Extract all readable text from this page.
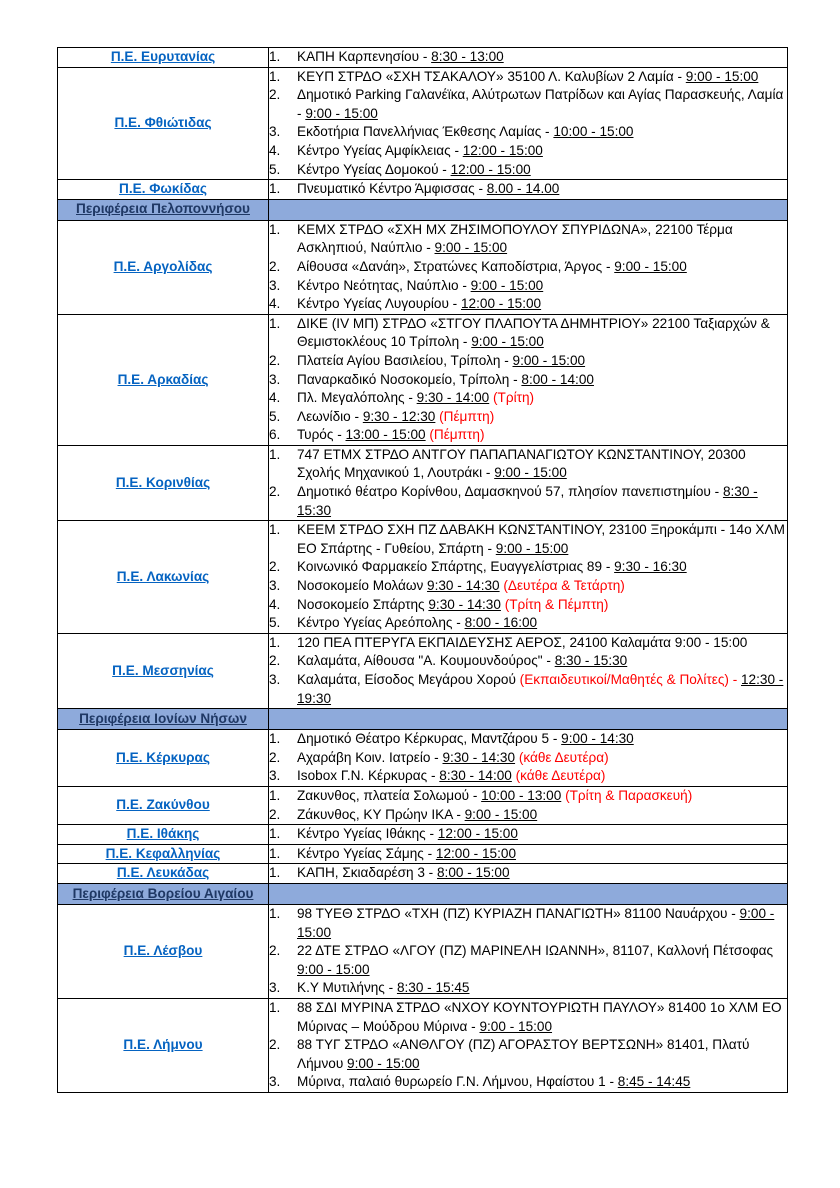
Π.Ε. Ευρυτανίας	1. ΚΑΠΗ Καρπενησίου - 8:30 - 13:00

Π.Ε. Φθιώτιδας	
1.	ΚΕΥΠ ΣΤΡΔΟ «ΣΧΗ ΤΣΑΚΑΛΟΥ» 35100 Λ. Καλυβίων 2 Λαμία - 9:00 - 15:00
2.	Δημοτικό Parking Γαλανέϊκα, Αλύτρωτων Πατρίδων και Αγίας Παρασκευής, Λαμία - 9:00 - 15:00
3.	Εκδοτήρια Πανελλήνιας Έκθεσης Λαμίας - 10:00 - 15:00
4.	Κέντρο Υγείας Αμφίκλειας - 12:00 - 15:00
5.	Κέντρο Υγείας Δομοκού - 12:00 - 15:00

Π.Ε. Φωκίδας	1. Πνευματικό Κέντρο Άμφισσας - 8.00 - 14.00

Περιφέρεια Πελοποννήσου	
Π.Ε. Αργολίδας	
1.	ΚΕΜΧ ΣΤΡΔΟ «ΣΧΗ ΜΧ ΖΗΣΙΜΟΠΟΥΛΟΥ ΣΠΥΡΙΔΩΝΑ», 22100 Τέρμα Ασκληπιού, Ναύπλιο - 9:00 - 15:00
2.	Αίθουσα «Δανάη», Στρατώνες Καποδίστρια, Άργος - 9:00 - 15:00
3.	Κέντρο Νεότητας, Ναύπλιο - 9:00 - 15:00
4.	Κέντρο Υγείας Λυγουρίου - 12:00 - 15:00

Π.Ε. Αρκαδίας	
1.	ΔΙΚΕ (IV ΜΠ) ΣΤΡΔΟ «ΣΤΓΟΥ ΠΛΑΠΟΥΤΑ ΔΗΜΗΤΡΙΟΥ» 22100 Ταξιαρχών & Θεμιστοκλέους 10 Τρίπολη - 9:00 - 15:00
2.	Πλατεία Αγίου Βασιλείου, Τρίπολη - 9:00 - 15:00
3.	Παναρκαδικό Νοσοκομείο, Τρίπολη - 8:00 - 14:00
4.	Πλ. Μεγαλόπολης - 9:30 - 14:00 (Τρίτη)
5.	Λεωνίδιο - 9:30 - 12:30 (Πέμπτη)
6.	Τυρός - 13:00 - 15:00 (Πέμπτη)

Π.Ε. Κορινθίας	1. 747 ΕΤΜΧ ΣΤΡΔΟ ΑΝΤΓΟΥ ΠΑΠΑΠΑΝΑΓΙΩΤΟΥ ΚΩΝΣΤΑΝΤΙΝΟΥ, 20300 Σχολής Μηχανικού 1, Λουτράκι - 9:00 - 15:00
2. Δημοτικό θέατρο Κορίνθου, Δαμασκηνού 57, πλησίον πανεπιστημίου - 8:30 - 15:30

Π.Ε. Λακωνίας	
1.	ΚΕΕΜ ΣΤΡΔΟ ΣΧΗ ΠΖ ΔΑΒΑΚΗ ΚΩΝΣΤΑΝΤΙΝΟΥ, 23100 Ξηροκάμπι - 14ο ΧΛΜ ΕΟ Σπάρτης - Γυθείου, Σπάρτη - 9:00 - 15:00
2.	Κοινωνικό Φαρμακείο Σπάρτης, Ευαγγελίστριας 89 - 9:30 - 16:30
3.	Νοσοκομείο Μολάων 9:30 - 14:30 (Δευτέρα & Τετάρτη)
4.	Νοσοκομείο Σπάρτης 9:30 - 14:30 (Τρίτη & Πέμπτη)
5.	Κέντρο Υγείας Αρεόπολης - 8:00 - 16:00

Π.Ε. Μεσσηνίας	
1.	120 ΠΕΑ ΠΤΕΡΥΓΑ ΕΚΠΑΙΔΕΥΣΗΣ ΑΕΡΟΣ, 24100 Καλαμάτα 9:00 - 15:00
2.	Καλαμάτα, Αίθουσα "Α. Κουμουνδούρος" - 8:30 - 15:30
3.	Καλαμάτα, Είσοδος Μεγάρου Χορού (Εκπαιδευτικοί/Μαθητές & Πολίτες) - 12:30 - 19:30

Περιφέρεια Ιονίων Νήσων	
Π.Ε. Κέρκυρας	
1.	Δημοτικό Θέατρο Κέρκυρας, Μαντζάρου 5 - 9:00 - 14:30
2.	Αχαράβη Κοιν. Ιατρείο - 9:30 - 14:30 (κάθε Δευτέρα)
3.	Isobox Γ.Ν. Κέρκυρας - 8:30 - 14:00 (κάθε Δευτέρα)

Π.Ε. Ζακύνθου	1. Ζακυνθος, πλατεία Σολωμού - 10:00 - 13:00 (Τρίτη & Παρασκευή)
2. Ζάκυνθος, ΚΥ Πρώην ΙΚΑ - 9:00 - 15:00

Π.Ε. Ιθάκης	1. Κέντρο Υγείας Ιθάκης - 12:00 - 15:00

Π.Ε. Κεφαλληνίας	1. Κέντρο Υγείας Σάμης - 12:00 - 15:00

Π.Ε. Λευκάδας	1. ΚΑΠΗ, Σκιαδαρέση 3 - 8:00 - 15:00

Περιφέρεια Βορείου Αιγαίου	
Π.Ε. Λέσβου	
1.	98 ΤΥΕΘ ΣΤΡΔΟ «ΤΧΗ (ΠΖ) ΚΥΡΙΑΖΗ ΠΑΝΑΓΙΩΤΗ» 81100 Ναυάρχου - 9:00 - 15:00
2.	22 ΔΤΕ ΣΤΡΔΟ «ΛΓΟΥ (ΠΖ) ΜΑΡΙΝΕΛΗ ΙΩΑΝΝΗ», 81107, Καλλονή Πέτσοφας 9:00 - 15:00
3.	Κ.Υ Μυτιλήνης - 8:30 - 15:45

Π.Ε. Λήμνου	
1.	88 ΣΔΙ ΜΥΡΙΝΑ ΣΤΡΔΟ «ΝΧΟΥ ΚΟΥΝΤΟΥΡΙΩΤΗ ΠΑΥΛΟΥ» 81400 1ο ΧΛΜ ΕΟ Μύρινας – Μούδρου Μύρινα - 9:00 - 15:00
2.	88 ΤΥΓ ΣΤΡΔΟ «ΑΝΘΛΓΟΥ (ΠΖ) ΑΓΟΡΑΣΤΟΥ ΒΕΡΤΣΩΝΗ» 81401, Πλατύ Λήμνου 9:00 - 15:00
3.	Μύρινα, παλαιό θυρωρείο Γ.Ν. Λήμνου, Ηφαίστου 1 - 8:45 - 14:45
